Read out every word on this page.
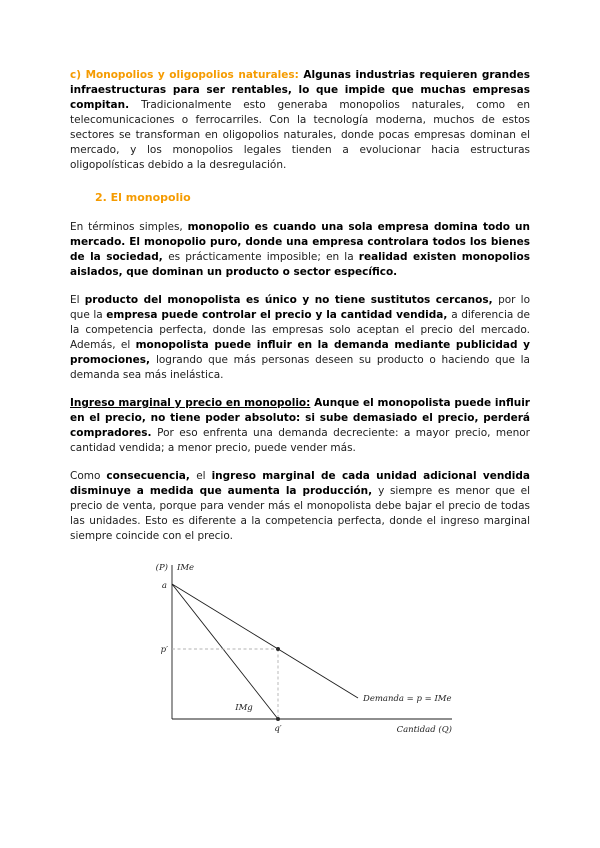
c) Monopolios y oligopolios naturales: Algunas industrias requieren grandes infraestructuras para ser rentables, lo que impide que muchas empresas compitan. Tradicionalmente esto generaba monopolios naturales, como en telecomunicaciones o ferrocarriles. Con la tecnología moderna, muchos de estos sectores se transforman en oligopolios naturales, donde pocas empresas dominan el mercado, y los monopolios legales tienden a evolucionar hacia estructuras oligopolísticas debido a la desregulación.

2. El monopolio

En términos simples, monopolio es cuando una sola empresa domina todo un mercado. El monopolio puro, donde una empresa controlara todos los bienes de la sociedad, es prácticamente imposible; en la realidad existen monopolios aislados, que dominan un producto o sector específico.

El producto del monopolista es único y no tiene sustitutos cercanos, por lo que la empresa puede controlar el precio y la cantidad vendida, a diferencia de la competencia perfecta, donde las empresas solo aceptan el precio del mercado. Además, el monopolista puede influir en la demanda mediante publicidad y promociones, logrando que más personas deseen su producto o haciendo que la demanda sea más inelástica.

Ingreso marginal y precio en monopolio: Aunque el monopolista puede influir en el precio, no tiene poder absoluto: si sube demasiado el precio, perderá compradores. Por eso enfrenta una demanda decreciente: a mayor precio, menor cantidad vendida; a menor precio, puede vender más.

Como consecuencia, el ingreso marginal de cada unidad adicional vendida disminuye a medida que aumenta la producción, y siempre es menor que el precio de venta, porque para vender más el monopolista debe bajar el precio de todas las unidades. Esto es diferente a la competencia perfecta, donde el ingreso marginal siempre coincide con el precio.

(P) IMe
a
p′
q′
IMg
Demanda = p = IMe
Cantidad (Q)
